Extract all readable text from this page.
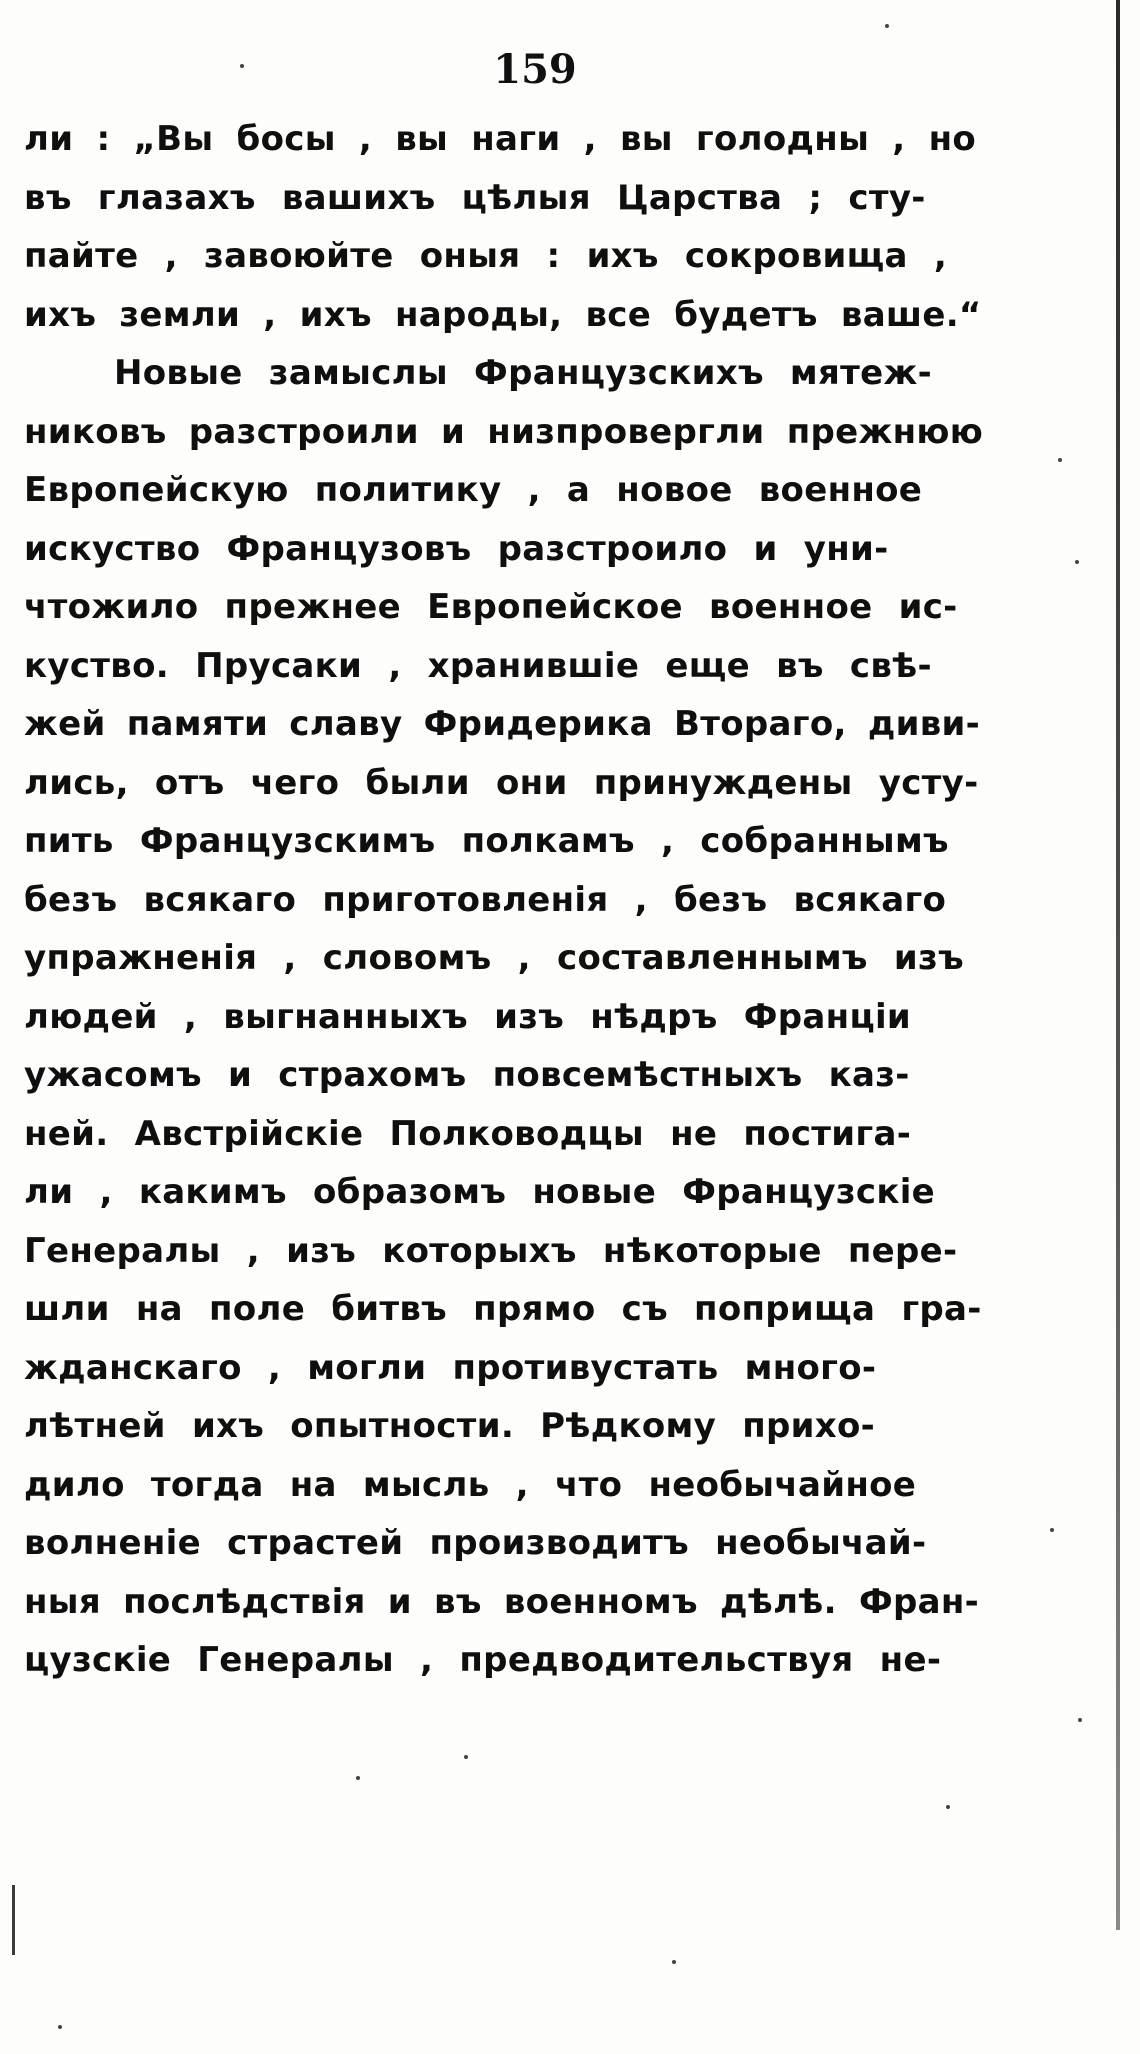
159
ли : „Вы босы , вы наги , вы голодны , но
въ глазахъ вашихъ цѣлыя Царства ; сту-
пайте , завоюйте оныя : ихъ сокровища ,
ихъ земли , ихъ народы, все будетъ ваше.“
Новые замыслы Французскихъ мятеж-
никовъ разстроили и низпровергли прежнюю
Европейскую политику , а новое военное
искуство Французовъ разстроило и уни-
чтожило прежнее Европейское военное ис-
куство. Прусаки , хранившіе еще въ свѣ-
жей памяти славу Фридерика Втораго, диви-
лись, отъ чего были они принуждены усту-
пить Французскимъ полкамъ , собраннымъ
безъ всякаго приготовленія , безъ всякаго
упражненія , словомъ , составленнымъ изъ
людей , выгнанныхъ изъ нѣдръ Франціи
ужасомъ и страхомъ повсемѣстныхъ каз-
ней. Австрійскіе Полководцы не постига-
ли , какимъ образомъ новые Французскіе
Генералы , изъ которыхъ нѣкоторые пере-
шли на поле битвъ прямо съ поприща гра-
жданскаго , могли противустать много-
лѣтней ихъ опытности. Рѣдкому прихо-
дило тогда на мысль , что необычайное
волненіе страстей производитъ необычай-
ныя послѣдствія и въ военномъ дѣлѣ. Фран-
цузскіе Генералы , предводительствуя не-
